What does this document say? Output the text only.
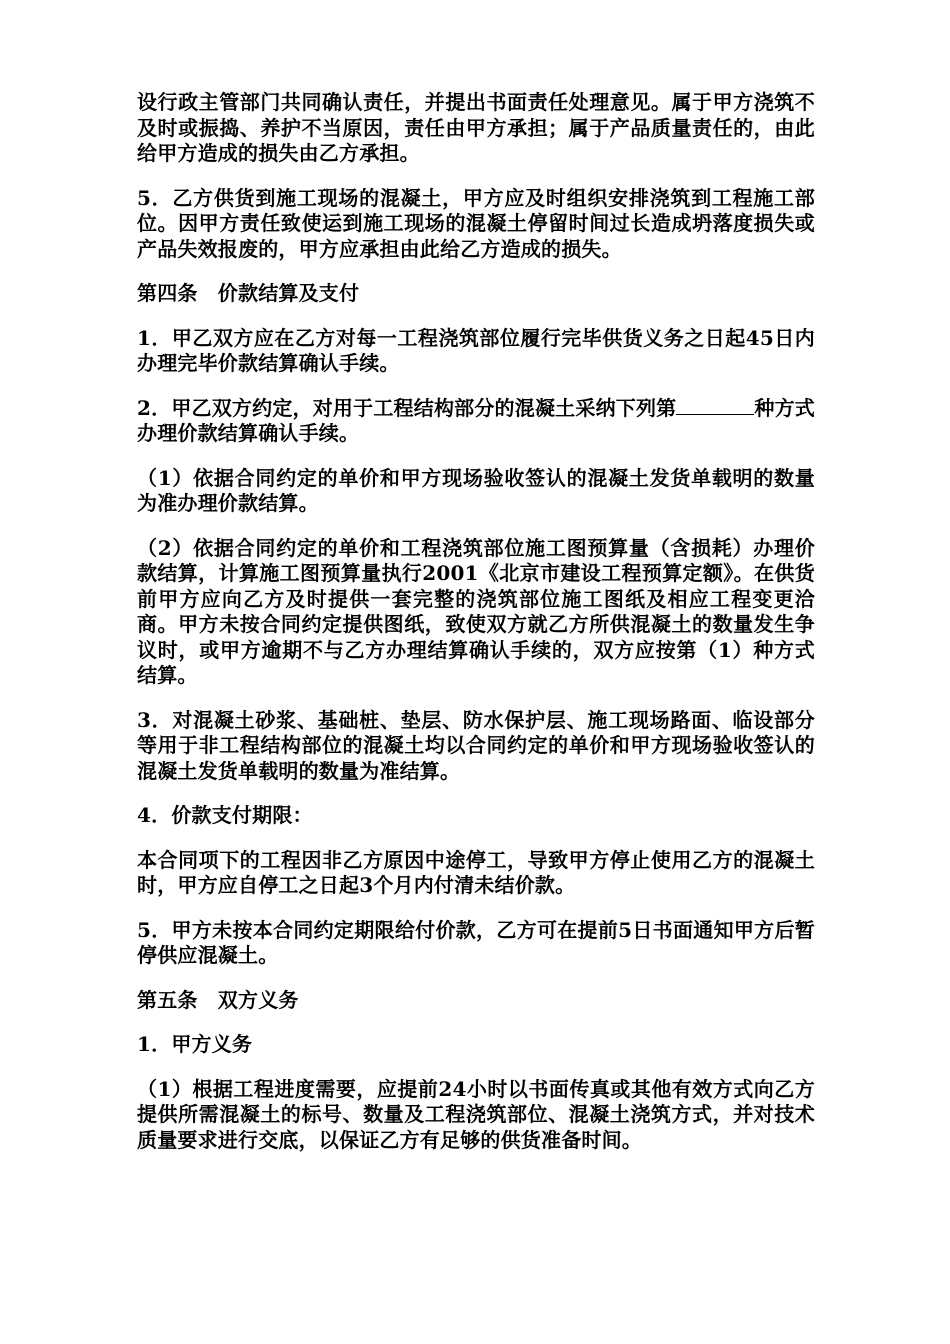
设行政主管部门共同确认责任，并提出书面责任处理意见。属于甲方浇筑不及时或振捣、养护不当原因，责任由甲方承担；属于产品质量责任的，由此给甲方造成的损失由乙方承担。

5．乙方供货到施工现场的混凝土，甲方应及时组织安排浇筑到工程施工部位。因甲方责任致使运到施工现场的混凝土停留时间过长造成坍落度损失或产品失效报废的，甲方应承担由此给乙方造成的损失。

第四条　价款结算及支付

1．甲乙双方应在乙方对每一工程浇筑部位履行完毕供货义务之日起45日内办理完毕价款结算确认手续。

2．甲乙双方约定，对用于工程结构部分的混凝土采纳下列第	种方式办理价款结算确认手续。

（1）依据合同约定的单价和甲方现场验收签认的混凝土发货单载明的数量为准办理价款结算。

（2）依据合同约定的单价和工程浇筑部位施工图预算量（含损耗）办理价款结算，计算施工图预算量执行2001《北京市建设工程预算定额》。在供货前甲方应向乙方及时提供一套完整的浇筑部位施工图纸及相应工程变更洽商。甲方未按合同约定提供图纸，致使双方就乙方所供混凝土的数量发生争议时，或甲方逾期不与乙方办理结算确认手续的，双方应按第（1）种方式结算。

3．对混凝土砂浆、基础桩、垫层、防水保护层、施工现场路面、临设部分等用于非工程结构部位的混凝土均以合同约定的单价和甲方现场验收签认的混凝土发货单载明的数量为准结算。

4．价款支付期限：

本合同项下的工程因非乙方原因中途停工，导致甲方停止使用乙方的混凝土时，甲方应自停工之日起3个月内付清未结价款。

5．甲方未按本合同约定期限给付价款，乙方可在提前5日书面通知甲方后暂停供应混凝土。

第五条　双方义务

1．甲方义务

（1）根据工程进度需要，应提前24小时以书面传真或其他有效方式向乙方提供所需混凝土的标号、数量及工程浇筑部位、混凝土浇筑方式，并对技术质量要求进行交底，以保证乙方有足够的供货准备时间。
